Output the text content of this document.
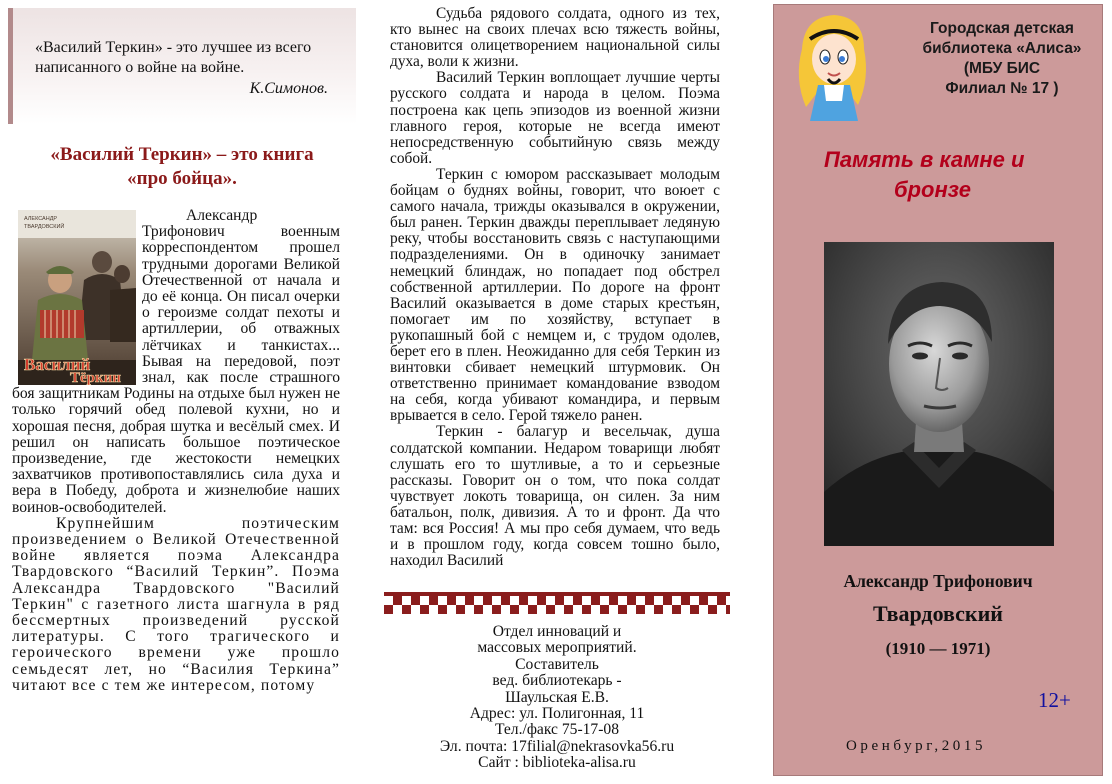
«Василий Теркин» - это лучшее из всего написанного о войне на войне.
К.Симонов.
«Василий Теркин» – это книга
«про бойца».
АЛЕКСАНДР
ТВАРДОВСКИЙ
Василий
Тёркин

Александр Трифонович военным корреспондентом прошел трудными дорогами Великой Отечественной от начала и до её конца. Он писал очерки о героизме солдат пехоты и артиллерии, об отважных лётчиках и танкистах... Бывая на передовой, поэт знал, как после страшного боя защитникам Родины на отдыхе был нужен не только горячий обед полевой кухни, но и хорошая песня, добрая шутка и весёлый смех. И решил он написать большое поэтическое произведение, где жестокости немецких захватчиков противопоставлялись сила духа и вера в Победу, доброта и жизнелюбие наших воинов-освободителей.

Крупнейшим поэтическим произведением о Великой Отечественной войне является поэма Александра Твардовского “Василий Теркин”. Поэма Александра Твардовского "Василий Теркин" с газетного листа шагнула в ряд бессмертных произведений русской литературы. С того трагического и героического времени уже прошло семьдесят лет, но “Василия Теркина” читают все с тем же интересом, потому

Судьба рядового солдата, одного из тех, кто вынес на своих плечах всю тяжесть войны, становится олицетворением национальной силы духа, воли к жизни.

Василий Теркин воплощает лучшие черты русского солдата и народа в целом. Поэма построена как цепь эпизодов из военной жизни главного героя, которые не всегда имеют непосредственную событийную связь между собой.

Теркин с юмором рассказывает молодым бойцам о буднях войны, говорит, что воюет с самого начала, трижды оказывался в окружении, был ранен. Теркин дважды переплывает ледяную реку, чтобы восстановить связь с наступающими подразделениями. Он в одиночку занимает немецкий блиндаж, но попадает под обстрел собственной артиллерии. По дороге на фронт Василий оказывается в доме старых крестьян, помогает им по хозяйству, вступает в рукопашный бой с немцем и, с трудом одолев, берет его в плен. Неожиданно для себя Теркин из винтовки сбивает немецкий штурмовик. Он ответственно принимает командование взводом на себя, когда убивают командира, и первым врывается в село. Герой тяжело ранен.

Теркин - балагур и весельчак, душа солдатской компании. Недаром товарищи любят слушать его то шутливые, а то и серьезные рассказы. Говорит он о том, что пока солдат чувствует локоть товарища, он силен. За ним батальон, полк, дивизия. А то и фронт. Да что там: вся Россия! А мы про себя думаем, что ведь и в прошлом году, когда совсем тошно было, находил Василий

Отдел инноваций и
массовых мероприятий.
Составитель
вед. библиотекарь -
Шаульская Е.В.
Адрес: ул. Полигонная, 11
Тел./факс 75-17-08
Эл. почта: 17filial@nekrasovka56.ru
Сайт : biblioteka-alisa.ru
Городская детская
библиотека «Алиса»
(МБУ БИС
Филиал № 17 )
Память в камне и
бронзе
Александр Трифонович
Твардовский
(1910 — 1971)
12+
Оренбург,2015
